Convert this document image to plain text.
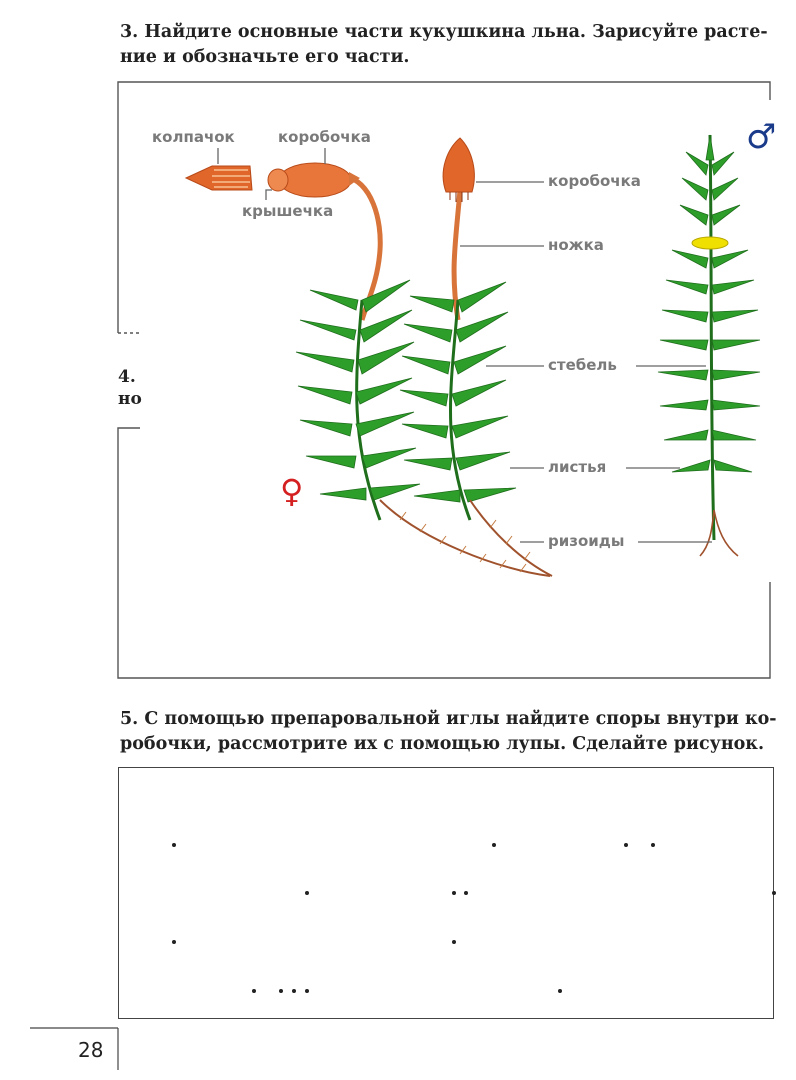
3. Найдите основные части кукушкина льна. Зарисуйте расте-
ние и обозначьте его части.
4.
но
колпачок	коробочка
крышечка
коробочка
ножка
стебель
листья
ризоиды
♂
♀
5. С помощью препаровальной иглы найдите споры внутри ко-
робочки, рассмотрите их с помощью лупы. Сделайте рисунок.
28
